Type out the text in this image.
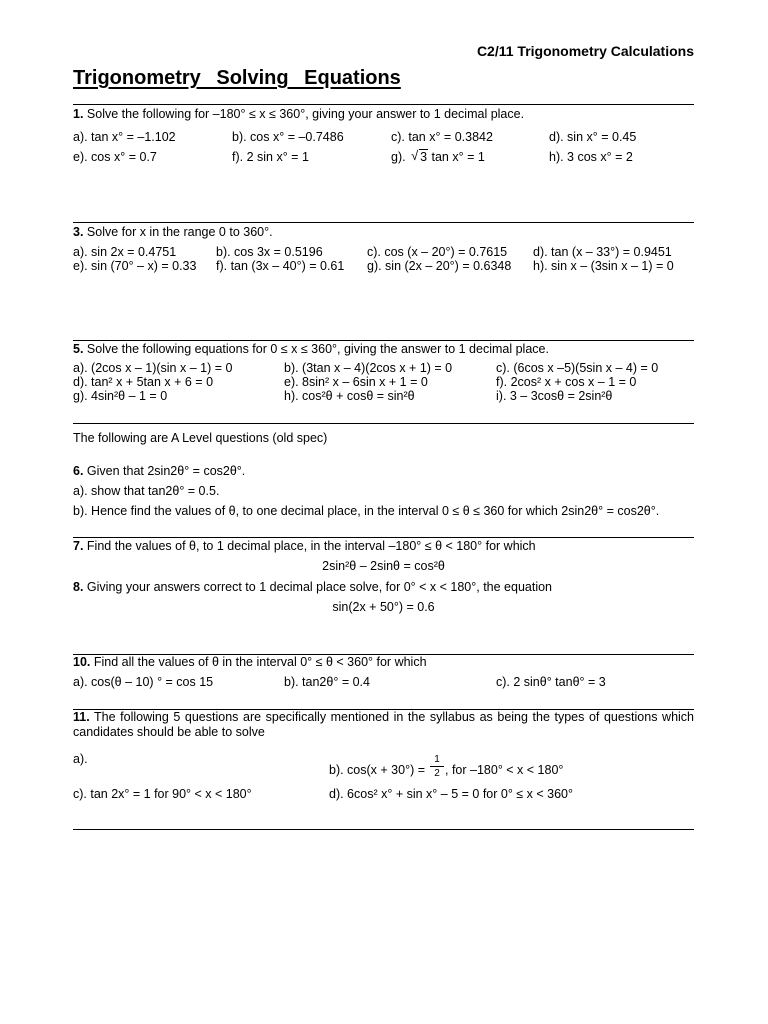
C2/11 Trigonometry Calculations
Trigonometry Solving Equations
1. Solve the following for –180° ≤ x ≤ 360°, giving your answer to 1 decimal place.
a). tan x° = –1.102	b). cos x° = –0.7486	c). tan x° = 0.3842	d). sin x° = 0.45
e). cos x° = 0.7	f). 2 sin x° = 1	g). √ 3 tan x° = 1	h). 3 cos x° = 2
3. Solve for x in the range 0 to 360°.
a). sin 2x = 0.4751	b). cos 3x = 0.5196	c). cos (x – 20°) = 0.7615 d). tan (x – 33°) = 0.9451
e). sin (70° – x) = 0.33 f). tan (3x – 40°) = 0.61 g). sin (2x – 20°) = 0.6348 h). sin x – (3sin x – 1) = 0
5. Solve the following equations for 0 ≤ x ≤ 360°, giving the answer to 1 decimal place.
a). (2cos x – 1)(sin x – 1) = 0	b). (3tan x – 4)(2cos x + 1) = 0	c). (6cos x –5)(5sin x – 4) = 0
d). tan² x + 5tan x + 6 = 0	e). 8sin² x – 6sin x + 1 = 0	f). 2cos² x + cos x – 1 = 0
g). 4sin²θ – 1 = 0	h). cos²θ + cosθ = sin²θ	i). 3 – 3cosθ = 2sin²θ
The following are A Level questions (old spec)
6. Given that 2sin2θ° = cos2θ°.
a). show that tan2θ° = 0.5.
b). Hence find the values of θ, to one decimal place, in the interval 0 ≤ θ ≤ 360 for which 2sin2θ° = cos2θ°.
7. Find the values of θ, to 1 decimal place, in the interval –180° ≤ θ < 180° for which
2sin²θ – 2sinθ = cos²θ
8. Giving your answers correct to 1 decimal place solve, for 0° < x < 180°, the equation
sin(2x + 50°) = 0.6
10. Find all the values of θ in the interval 0° ≤ θ < 360° for which
a). cos(θ – 10) ° = cos 15	b). tan2θ° = 0.4	c). 2 sinθ° tanθ° = 3
11. The following 5 questions are specifically mentioned in the syllabus as being the types of questions which candidates should be able to solve
a).
b). cos(x + 30°) =
1
2 , for –180° < x < 180°
c). tan 2x° = 1 for 90° < x < 180°	d). 6cos² x° + sin x° – 5 = 0 for 0° ≤ x < 360°
